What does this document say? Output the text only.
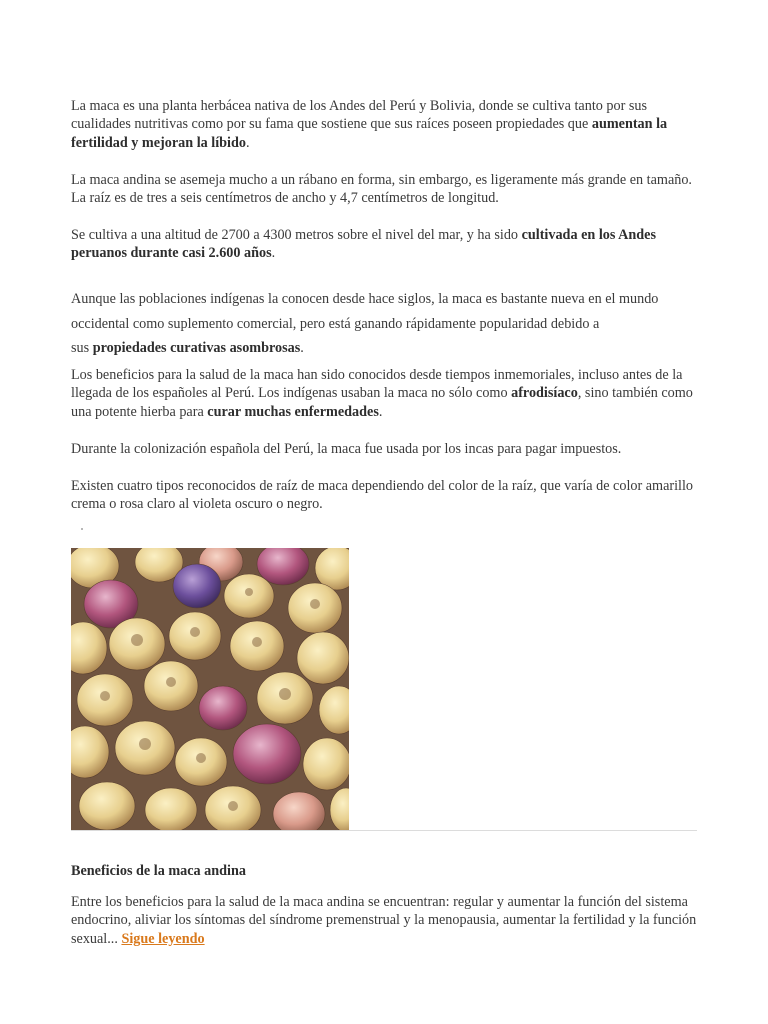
La maca es una planta herbácea nativa de los Andes del Perú y Bolivia, donde se cultiva tanto por sus cualidades nutritivas como por su fama que sostiene que sus raíces poseen propiedades que aumentan la fertilidad y mejoran la líbido.

La maca andina se asemeja mucho a un rábano en forma, sin embargo, es ligeramente más grande en tamaño. La raíz es de tres a seis centímetros de ancho y 4,7 centímetros de longitud.

Se cultiva a una altitud de 2700 a 4300 metros sobre el nivel del mar, y ha sido cultivada en los Andes peruanos durante casi 2.600 años.

Aunque las poblaciones indígenas la conocen desde hace siglos, la maca es bastante nueva en el mundo occidental como suplemento comercial, pero está ganando rápidamente popularidad debido a
sus propiedades curativas asombrosas.

Los beneficios para la salud de la maca han sido conocidos desde tiempos inmemoriales, incluso antes de la llegada de los españoles al Perú. Los indígenas usaban la maca no sólo como afrodisíaco, sino también como una potente hierba para curar muchas enfermedades.

Durante la colonización española del Perú, la maca fue usada por los incas para pagar impuestos.

Existen cuatro tipos reconocidos de raíz de maca dependiendo del color de la raíz, que varía de color amarillo crema o rosa claro al violeta oscuro o negro.

Beneficios de la maca andina

Entre los beneficios para la salud de la maca andina se encuentran: regular y aumentar la función del sistema endocrino, aliviar los síntomas del síndrome premenstrual y la menopausia, aumentar la fertilidad y la función sexual... Sigue leyendo
